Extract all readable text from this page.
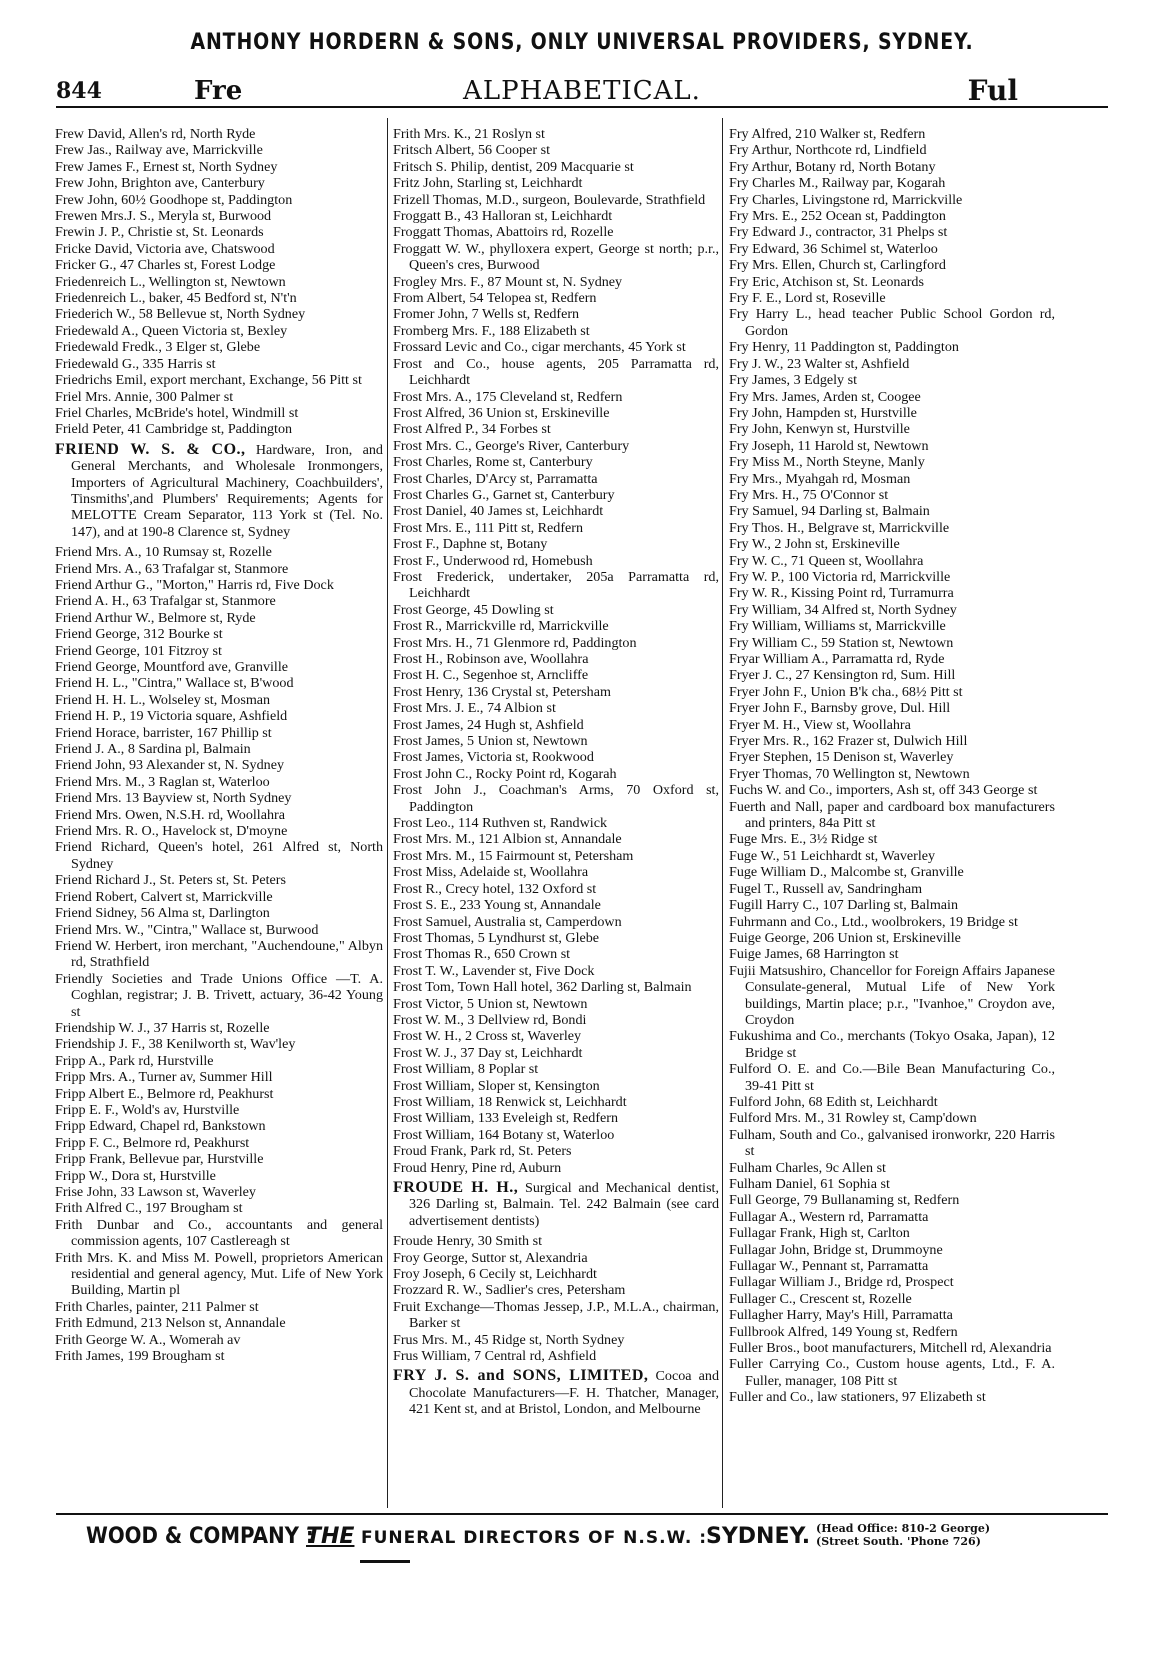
ANTHONY HORDERN & SONS, ONLY UNIVERSAL PROVIDERS, SYDNEY.
844	Fre	ALPHABETICAL.	Ful
Frew David, Allen's rd, North Ryde
Frew Jas., Railway ave, Marrickville
Frew James F., Ernest st, North Sydney
Frew John, Brighton ave, Canterbury
Frew John, 60½ Goodhope st, Paddington
Frewen Mrs.J. S., Meryla st, Burwood
Frewin J. P., Christie st, St. Leonards
Fricke David, Victoria ave, Chatswood
Fricker G., 47 Charles st, Forest Lodge
Friedenreich L., Wellington st, Newtown
Friedenreich L., baker, 45 Bedford st, N't'n
Friederich W., 58 Bellevue st, North Sydney
Friedewald A., Queen Victoria st, Bexley
Friedewald Fredk., 3 Elger st, Glebe
Friedewald G., 335 Harris st
Friedrichs Emil, export merchant, Exchange, 56 Pitt st
Friel Mrs. Annie, 300 Palmer st
Friel Charles, McBride's hotel, Windmill st
Frield Peter, 41 Cambridge st, Paddington
FRIEND W. S. & CO., Hardware, Iron, and General Merchants, and Wholesale Ironmongers, Importers of Agricultural Machinery, Coachbuilders', Tinsmiths',and Plumbers' Requirements; Agents for MELOTTE Cream Separator, 113 York st (Tel. No. 147), and at 190-8 Clarence st, Sydney
Friend Mrs. A., 10 Rumsay st, Rozelle
Friend Mrs. A., 63 Trafalgar st, Stanmore
Friend Arthur G., "Morton," Harris rd, Five Dock
Friend A. H., 63 Trafalgar st, Stanmore
Friend Arthur W., Belmore st, Ryde
Friend George, 312 Bourke st
Friend George, 101 Fitzroy st
Friend George, Mountford ave, Granville
Friend H. L., "Cintra," Wallace st, B'wood
Friend H. H. L., Wolseley st, Mosman
Friend H. P., 19 Victoria square, Ashfield
Friend Horace, barrister, 167 Phillip st
Friend J. A., 8 Sardina pl, Balmain
Friend John, 93 Alexander st, N. Sydney
Friend Mrs. M., 3 Raglan st, Waterloo
Friend Mrs. 13 Bayview st, North Sydney
Friend Mrs. Owen, N.S.H. rd, Woollahra
Friend Mrs. R. O., Havelock st, D'moyne
Friend Richard, Queen's hotel, 261 Alfred st, North Sydney
Friend Richard J., St. Peters st, St. Peters
Friend Robert, Calvert st, Marrickville
Friend Sidney, 56 Alma st, Darlington
Friend Mrs. W., "Cintra," Wallace st, Burwood
Friend W. Herbert, iron merchant, "Auchendoune," Albyn rd, Strathfield
Friendly Societies and Trade Unions Office —T. A. Coghlan, registrar; J. B. Trivett, actuary, 36-42 Young st
Friendship W. J., 37 Harris st, Rozelle
Friendship J. F., 38 Kenilworth st, Wav'ley
Fripp A., Park rd, Hurstville
Fripp Mrs. A., Turner av, Summer Hill
Fripp Albert E., Belmore rd, Peakhurst
Fripp E. F., Wold's av, Hurstville
Fripp Edward, Chapel rd, Bankstown
Fripp F. C., Belmore rd, Peakhurst
Fripp Frank, Bellevue par, Hurstville
Fripp W., Dora st, Hurstville
Frise John, 33 Lawson st, Waverley
Frith Alfred C., 197 Brougham st
Frith Dunbar and Co., accountants and general commission agents, 107 Castlereagh st
Frith Mrs. K. and Miss M. Powell, proprietors American residential and general agency, Mut. Life of New York Building, Martin pl
Frith Charles, painter, 211 Palmer st
Frith Edmund, 213 Nelson st, Annandale
Frith George W. A., Womerah av
Frith James, 199 Brougham st
Frith Mrs. K., 21 Roslyn st
Fritsch Albert, 56 Cooper st
Fritsch S. Philip, dentist, 209 Macquarie st
Fritz John, Starling st, Leichhardt
Frizell Thomas, M.D., surgeon, Boulevarde, Strathfield
Froggatt B., 43 Halloran st, Leichhardt
Froggatt Thomas, Abattoirs rd, Rozelle
Froggatt W. W., phylloxera expert, George st north; p.r., Queen's cres, Burwood
Frogley Mrs. F., 87 Mount st, N. Sydney
From Albert, 54 Telopea st, Redfern
Fromer John, 7 Wells st, Redfern
Fromberg Mrs. F., 188 Elizabeth st
Frossard Levic and Co., cigar merchants, 45 York st
Frost and Co., house agents, 205 Parramatta rd, Leichhardt
Frost Mrs. A., 175 Cleveland st, Redfern
Frost Alfred, 36 Union st, Erskineville
Frost Alfred P., 34 Forbes st
Frost Mrs. C., George's River, Canterbury
Frost Charles, Rome st, Canterbury
Frost Charles, D'Arcy st, Parramatta
Frost Charles G., Garnet st, Canterbury
Frost Daniel, 40 James st, Leichhardt
Frost Mrs. E., 111 Pitt st, Redfern
Frost F., Daphne st, Botany
Frost F., Underwood rd, Homebush
Frost Frederick, undertaker, 205a Parramatta rd, Leichhardt
Frost George, 45 Dowling st
Frost R., Marrickville rd, Marrickville
Frost Mrs. H., 71 Glenmore rd, Paddington
Frost H., Robinson ave, Woollahra
Frost H. C., Segenhoe st, Arncliffe
Frost Henry, 136 Crystal st, Petersham
Frost Mrs. J. E., 74 Albion st
Frost James, 24 Hugh st, Ashfield
Frost James, 5 Union st, Newtown
Frost James, Victoria st, Rookwood
Frost John C., Rocky Point rd, Kogarah
Frost John J., Coachman's Arms, 70 Oxford st, Paddington
Frost Leo., 114 Ruthven st, Randwick
Frost Mrs. M., 121 Albion st, Annandale
Frost Mrs. M., 15 Fairmount st, Petersham
Frost Miss, Adelaide st, Woollahra
Frost R., Crecy hotel, 132 Oxford st
Frost S. E., 233 Young st, Annandale
Frost Samuel, Australia st, Camperdown
Frost Thomas, 5 Lyndhurst st, Glebe
Frost Thomas R., 650 Crown st
Frost T. W., Lavender st, Five Dock
Frost Tom, Town Hall hotel, 362 Darling st, Balmain
Frost Victor, 5 Union st, Newtown
Frost W. M., 3 Dellview rd, Bondi
Frost W. H., 2 Cross st, Waverley
Frost W. J., 37 Day st, Leichhardt
Frost William, 8 Poplar st
Frost William, Sloper st, Kensington
Frost William, 18 Renwick st, Leichhardt
Frost William, 133 Eveleigh st, Redfern
Frost William, 164 Botany st, Waterloo
Froud Frank, Park rd, St. Peters
Froud Henry, Pine rd, Auburn
FROUDE H. H., Surgical and Mechanical dentist, 326 Darling st, Balmain. Tel. 242 Balmain (see card advertisement dentists)
Froude Henry, 30 Smith st
Froy George, Suttor st, Alexandria
Froy Joseph, 6 Cecily st, Leichhardt
Frozzard R. W., Sadlier's cres, Petersham
Fruit Exchange—Thomas Jessep, J.P., M.L.A., chairman, Barker st
Frus Mrs. M., 45 Ridge st, North Sydney
Frus William, 7 Central rd, Ashfield
FRY J. S. and SONS, LIMITED, Cocoa and Chocolate Manufacturers—F. H. Thatcher, Manager, 421 Kent st, and at Bristol, London, and Melbourne
Fry Alfred, 210 Walker st, Redfern
Fry Arthur, Northcote rd, Lindfield
Fry Arthur, Botany rd, North Botany
Fry Charles M., Railway par, Kogarah
Fry Charles, Livingstone rd, Marrickville
Fry Mrs. E., 252 Ocean st, Paddington
Fry Edward J., contractor, 31 Phelps st
Fry Edward, 36 Schimel st, Waterloo
Fry Mrs. Ellen, Church st, Carlingford
Fry Eric, Atchison st, St. Leonards
Fry F. E., Lord st, Roseville
Fry Harry L., head teacher Public School Gordon rd, Gordon
Fry Henry, 11 Paddington st, Paddington
Fry J. W., 23 Walter st, Ashfield
Fry James, 3 Edgely st
Fry Mrs. James, Arden st, Coogee
Fry John, Hampden st, Hurstville
Fry John, Kenwyn st, Hurstville
Fry Joseph, 11 Harold st, Newtown
Fry Miss M., North Steyne, Manly
Fry Mrs., Myahgah rd, Mosman
Fry Mrs. H., 75 O'Connor st
Fry Samuel, 94 Darling st, Balmain
Fry Thos. H., Belgrave st, Marrickville
Fry W., 2 John st, Erskineville
Fry W. C., 71 Queen st, Woollahra
Fry W. P., 100 Victoria rd, Marrickville
Fry W. R., Kissing Point rd, Turramurra
Fry William, 34 Alfred st, North Sydney
Fry William, Williams st, Marrickville
Fry William C., 59 Station st, Newtown
Fryar William A., Parramatta rd, Ryde
Fryer J. C., 27 Kensington rd, Sum. Hill
Fryer John F., Union B'k cha., 68½ Pitt st
Fryer John F., Barnsby grove, Dul. Hill
Fryer M. H., View st, Woollahra
Fryer Mrs. R., 162 Frazer st, Dulwich Hill
Fryer Stephen, 15 Denison st, Waverley
Fryer Thomas, 70 Wellington st, Newtown
Fuchs W. and Co., importers, Ash st, off 343 George st
Fuerth and Nall, paper and cardboard box manufacturers and printers, 84a Pitt st
Fuge Mrs. E., 3½ Ridge st
Fuge W., 51 Leichhardt st, Waverley
Fuge William D., Malcombe st, Granville
Fugel T., Russell av, Sandringham
Fugill Harry C., 107 Darling st, Balmain
Fuhrmann and Co., Ltd., woolbrokers, 19 Bridge st
Fuige George, 206 Union st, Erskineville
Fuige James, 68 Harrington st
Fujii Matsushiro, Chancellor for Foreign Affairs Japanese Consulate-general, Mutual Life of New York buildings, Martin place; p.r., "Ivanhoe," Croydon ave, Croydon
Fukushima and Co., merchants (Tokyo Osaka, Japan), 12 Bridge st
Fulford O. E. and Co.—Bile Bean Manufacturing Co., 39-41 Pitt st
Fulford John, 68 Edith st, Leichhardt
Fulford Mrs. M., 31 Rowley st, Camp'down
Fulham, South and Co., galvanised ironworkr, 220 Harris st
Fulham Charles, 9c Allen st
Fulham Daniel, 61 Sophia st
Full George, 79 Bullanaming st, Redfern
Fullagar A., Western rd, Parramatta
Fullagar Frank, High st, Carlton
Fullagar John, Bridge st, Drummoyne
Fullagar W., Pennant st, Parramatta
Fullagar William J., Bridge rd, Prospect
Fullager C., Crescent st, Rozelle
Fullagher Harry, May's Hill, Parramatta
Fullbrook Alfred, 149 Young st, Redfern
Fuller Bros., boot manufacturers, Mitchell rd, Alexandria
Fuller Carrying Co., Custom house agents, Ltd., F. A. Fuller, manager, 108 Pitt st
Fuller and Co., law stationers, 97 Elizabeth st
WOOD & COMPANY :
THE FUNERAL DIRECTORS OF N.S.W. :
SYDNEY. (Head Office: 810-2 George)
(Street South. 'Phone 726)
